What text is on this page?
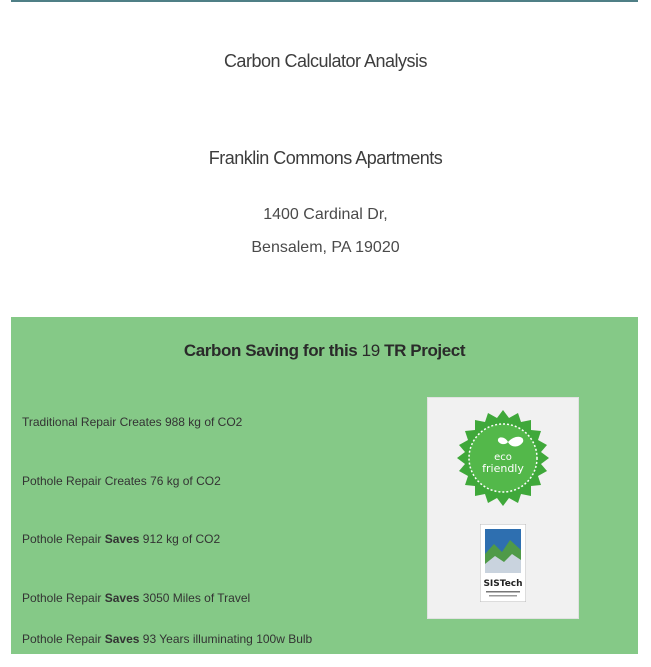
Carbon Calculator Analysis
Franklin Commons Apartments
1400 Cardinal Dr,
Bensalem, PA 19020
Carbon Saving for this 19 TR Project
Traditional Repair Creates 988 kg of CO2
Pothole Repair Creates 76 kg of CO2
Pothole Repair Saves 912 kg of CO2
Pothole Repair Saves 3050 Miles of Travel
Pothole Repair Saves 93 Years illuminating 100w Bulb
eco
friendly
SISTech
